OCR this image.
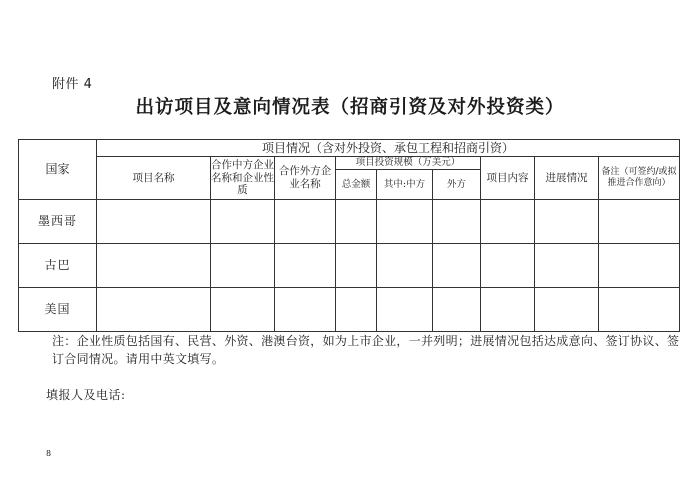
附件 4
出访项目及意向情况表（招商引资及对外投资类）
国家	项目情况（含对外投资、承包工程和招商引资）								
	项目名称	合作中方企业名称和企业性质	合作外方企业名称	项目投资规模（万美元）			项目内容	进展情况	备注（可签约/或拟推进合作意向）
				总金额	其中:中方	外方			
墨西哥									
古巴									
美国									
注：企业性质包括国有、民营、外资、港澳台资，如为上市企业，一并列明；进展情况包括达成意向、签订协议、签订合同情况。请用中英文填写。
填报人及电话:
8
